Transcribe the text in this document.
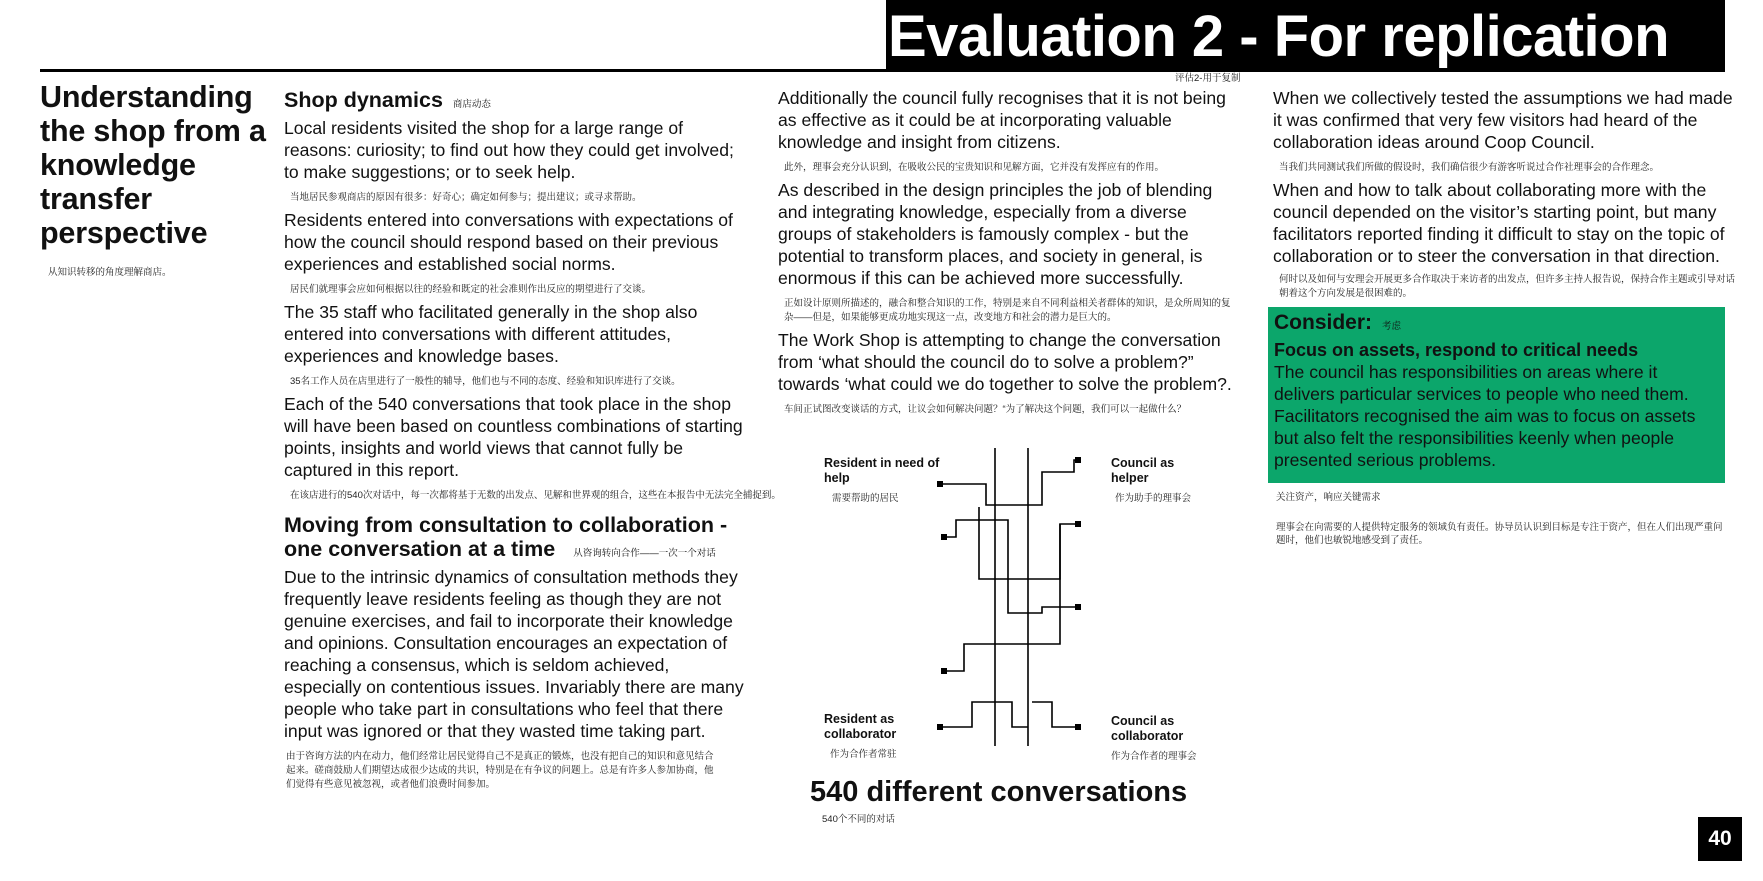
Evaluation 2 - For replication
评估2-用于复制
Understanding the shop from a knowledge transfer perspective
从知识转移的角度理解商店。
Shop dynamics 商店动态

Local residents visited the shop for a large range of reasons: curiosity; to find out how they could get involved; to make suggestions; or to seek help.

当地居民参观商店的原因有很多：好奇心；确定如何参与；提出建议；或寻求帮助。

Residents entered into conversations with expectations of how the council should respond based on their previous experiences and established social norms.

居民们就理事会应如何根据以往的经验和既定的社会准则作出反应的期望进行了交谈。

The 35 staff who facilitated generally in the shop also entered into conversations with different attitudes, experiences and knowledge bases.

35名工作人员在店里进行了一般性的辅导，他们也与不同的态度、经验和知识库进行了交谈。

Each of the 540 conversations that took place in the shop will have been based on countless combinations of starting points, insights and world views that cannot fully be captured in this report.

在该店进行的540次对话中，每一次都将基于无数的出发点、见解和世界观的组合，这些在本报告中无法完全捕捉到。

Moving from consultation to collaboration -
one conversation at a time 从咨询转向合作——一次一个对话

Due to the intrinsic dynamics of consultation methods they frequently leave residents feeling as though they are not genuine exercises, and fail to incorporate their knowledge and opinions. Consultation encourages an expectation of reaching a consensus, which is seldom achieved, especially on contentious issues. Invariably there are many people who take part in consultations who feel that there input was ignored or that they wasted time taking part.

由于咨询方法的内在动力，他们经常让居民觉得自己不是真正的锻炼，也没有把自己的知识和意见结合起来。磋商鼓励人们期望达成很少达成的共识，特别是在有争议的问题上。总是有许多人参加协商，他们觉得有些意见被忽视，或者他们浪费时间参加。

Additionally the council fully recognises that it is not being as effective as it could be at incorporating valuable knowledge and insight from citizens.

此外，理事会充分认识到，在吸收公民的宝贵知识和见解方面，它并没有发挥应有的作用。

As described in the design principles the job of blending and integrating knowledge, especially from a diverse groups of stakeholders is famously complex - but the potential to transform places, and society in general, is enormous if this can be achieved more successfully.

正如设计原则所描述的，融合和整合知识的工作，特别是来自不同利益相关者群体的知识，是众所周知的复杂——但是，如果能够更成功地实现这一点，改变地方和社会的潜力是巨大的。

The Work Shop is attempting to change the conversation from ‘what should the council do to solve a problem?” towards ‘what could we do together to solve the problem?.

车间正试图改变谈话的方式，让议会如何解决问题？“为了解决这个问题，我们可以一起做什么？

Resident in need of help
需要帮助的居民
Council as helper
作为助手的理事会
Resident as collaborator
作为合作者常驻
Council as collaborator
作为合作者的理事会
540 different conversations
540个不同的对话

When we collectively tested the assumptions we had made it was confirmed that very few visitors had heard of the collaboration ideas around Coop Council.

当我们共同测试我们所做的假设时，我们确信很少有游客听说过合作社理事会的合作理念。

When and how to talk about collaborating more with the council depended on the visitor’s starting point, but many facilitators reported finding it difficult to stay on the topic of collaboration or to steer the conversation in that direction.

何时以及如何与安理会开展更多合作取决于来访者的出发点，但许多主持人报告说，保持合作主题或引导对话朝着这个方向发展是很困难的。

Consider: 考虑
Focus on assets, respond to critical needs
The council has responsibilities on areas where it delivers particular services to people who need them. Facilitators recognised the aim was to focus on assets but also felt the responsibilities keenly when people presented serious problems.
关注资产，响应关键需求
理事会在向需要的人提供特定服务的领域负有责任。协导员认识到目标是专注于资产，但在人们出现严重问题时，他们也敏锐地感受到了责任。
40
